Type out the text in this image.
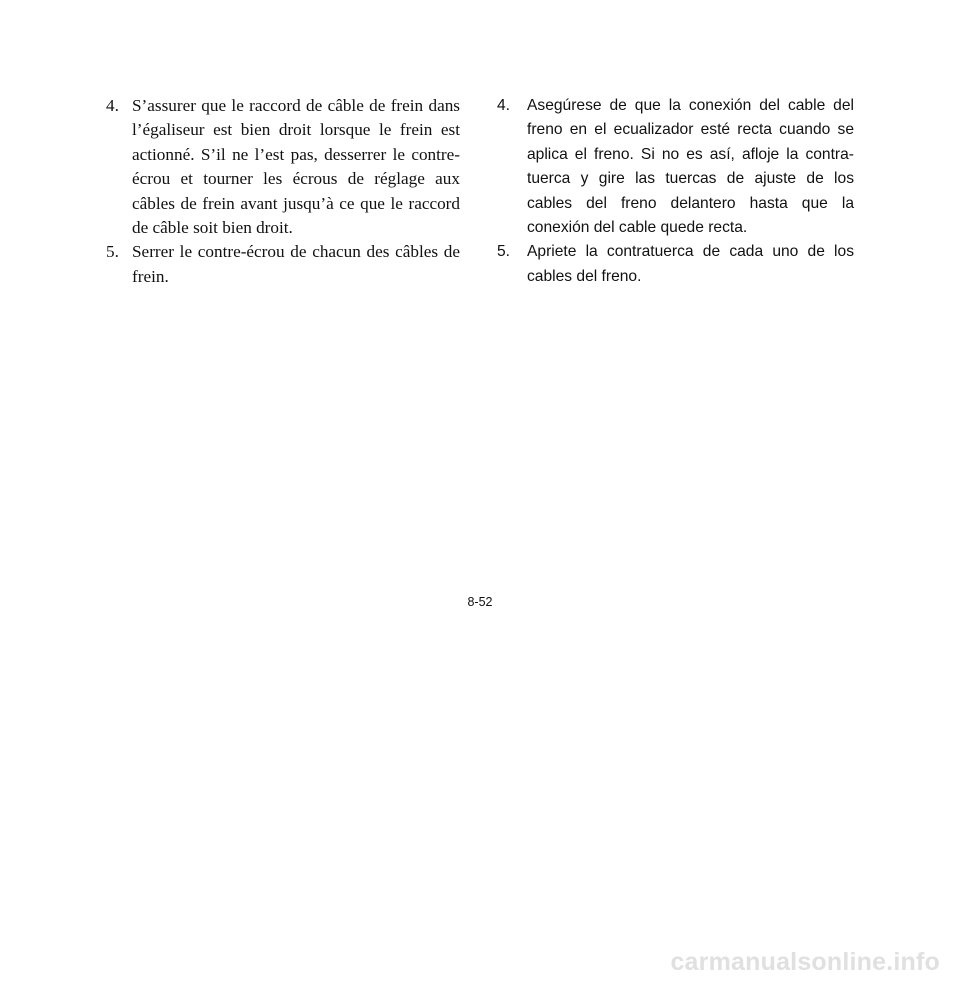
4. S’assurer que le raccord de câble de frein dans l’égaliseur est bien droit lorsque le frein est actionné. S’il ne l’est pas, desserrer le contre-écrou et tourner les écrous de réglage aux câbles de frein avant jusqu’à ce que le raccord de câble soit bien droit.
5. Serrer le contre-écrou de chacun des câbles de frein.
4.	Asegúrese de que la conexión del cable del freno en el ecualizador esté recta cuando se aplica el freno. Si no es así, afloje la contra-tuerca y gire las tuercas de ajuste de los cables del freno delantero hasta que la conexión del cable quede recta.
5.	Apriete la contratuerca de cada uno de los cables del freno.
8-52
carmanualsonline.info
